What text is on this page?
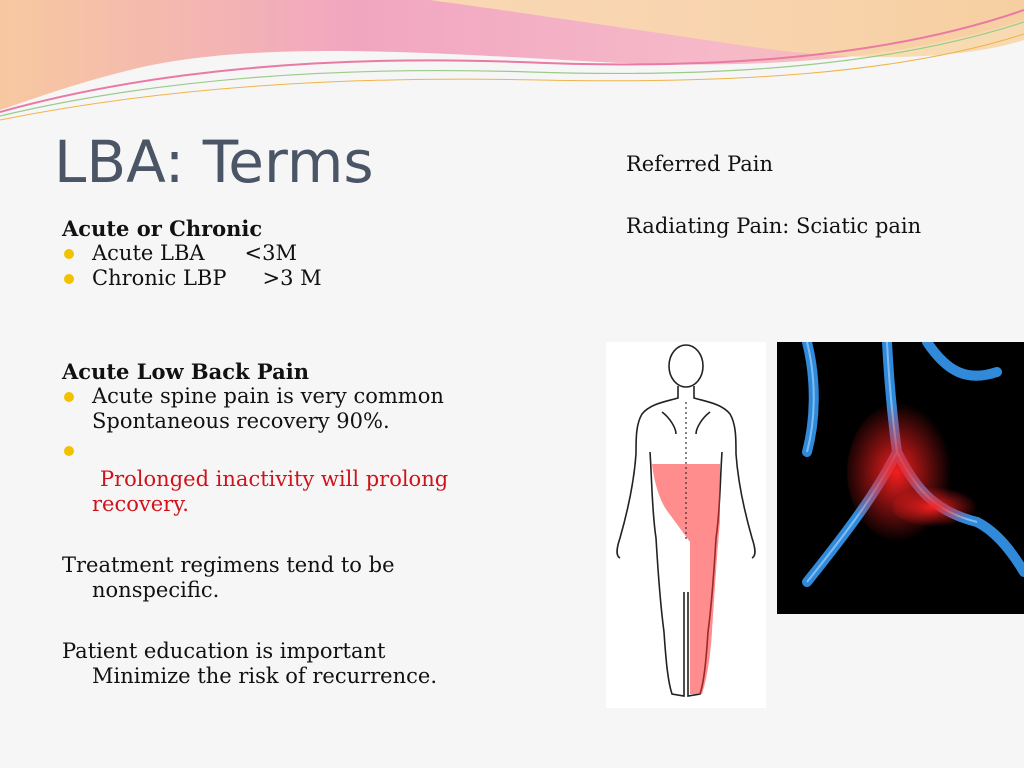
LBA: Terms
Acute or Chronic
Acute LBA <3M
Chronic LBP >3 M
Acute Low Back Pain
Acute spine pain is very common
Spontaneous recovery 90%.
Prolonged inactivity will prolong recovery.
Treatment regimens tend to be
nonspecific.
Patient education is important
Minimize the risk of recurrence.
Referred Pain
Radiating Pain: Sciatic pain
